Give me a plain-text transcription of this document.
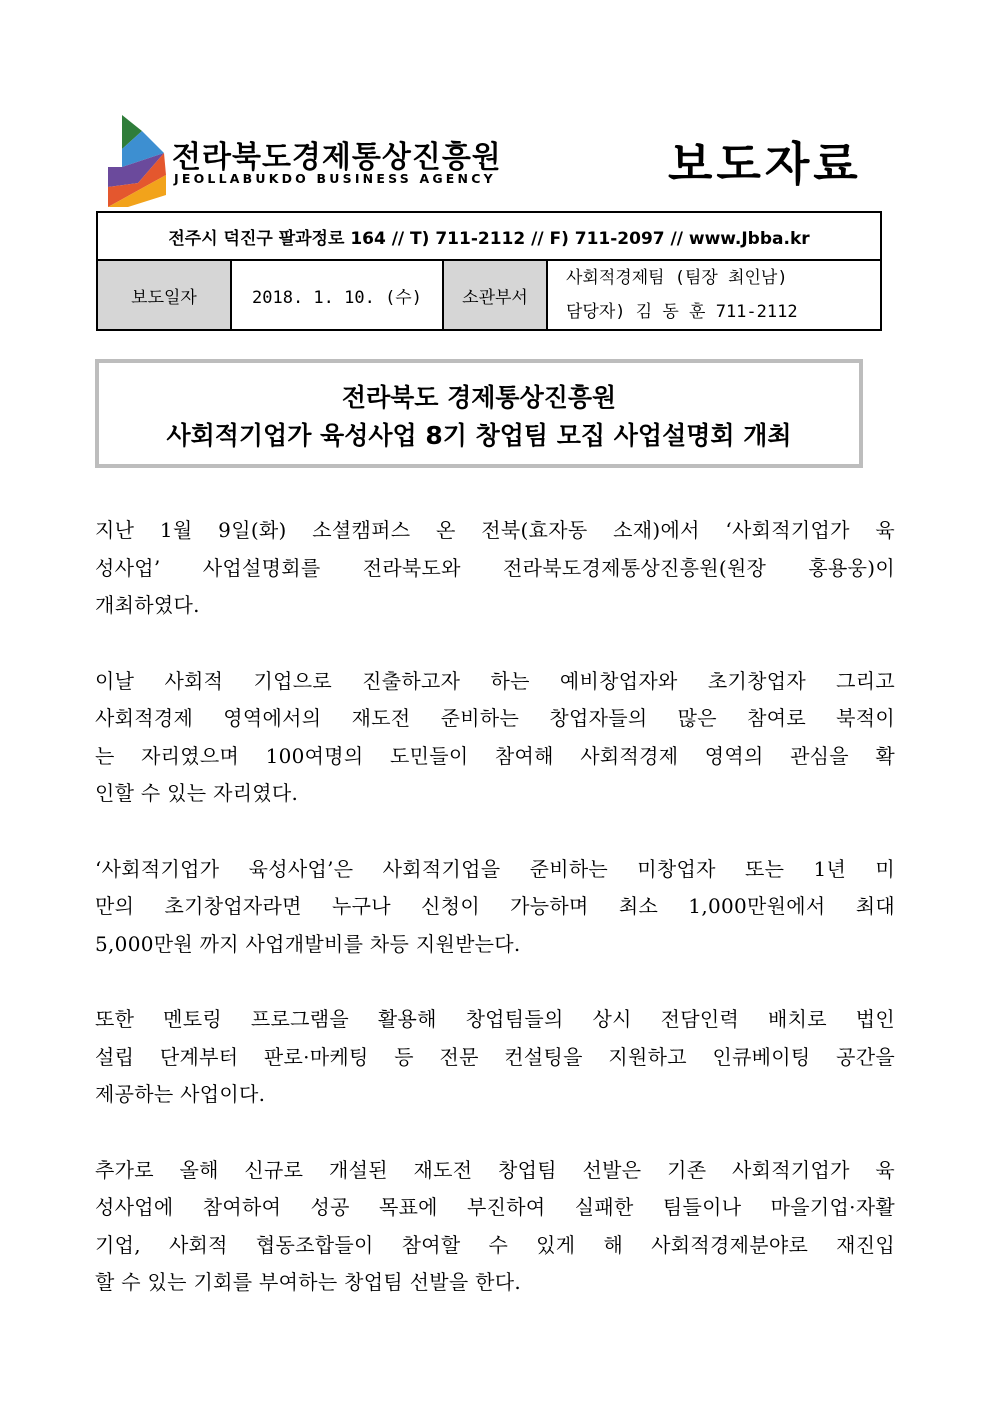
전라북도경제통상진흥원
JEOLLABUKDO BUSINESS AGENCY	보도자료
전주시 덕진구 팔과정로 164 // T) 711-2112 // F) 711-2097 // www.Jbba.kr
보도일자	2018. 1. 10. (수)	소관부서	사회적경제팀 (팀장 최인남)
담당자) 김 동 훈 711-2112
전라북도 경제통상진흥원
사회적기업가 육성사업 8기 창업팀 모집 사업설명회 개최
지난 1월 9일(화) 소셜캠퍼스 온 전북(효자동 소재)에서 ‘사회적기업가 육
성사업’ 사업설명회를 전라북도와 전라북도경제통상진흥원(원장 홍용웅)이
개최하였다.
이날 사회적 기업으로 진출하고자 하는 예비창업자와 초기창업자 그리고
사회적경제 영역에서의 재도전 준비하는 창업자들의 많은 참여로 북적이
는 자리였으며 100여명의 도민들이 참여해 사회적경제 영역의 관심을 확
인할 수 있는 자리였다.
‘사회적기업가 육성사업’은 사회적기업을 준비하는 미창업자 또는 1년 미
만의 초기창업자라면 누구나 신청이 가능하며 최소 1,000만원에서 최대
5,000만원 까지 사업개발비를 차등 지원받는다.
또한 멘토링 프로그램을 활용해 창업팀들의 상시 전담인력 배치로 법인
설립 단계부터 판로·마케팅 등 전문 컨설팅을 지원하고 인큐베이팅 공간을
제공하는 사업이다.
추가로 올해 신규로 개설된 재도전 창업팀 선발은 기존 사회적기업가 육
성사업에 참여하여 성공 목표에 부진하여 실패한 팀들이나 마을기업·자활
기업, 사회적 협동조합들이 참여할 수 있게 해 사회적경제분야로 재진입
할 수 있는 기회를 부여하는 창업팀 선발을 한다.
